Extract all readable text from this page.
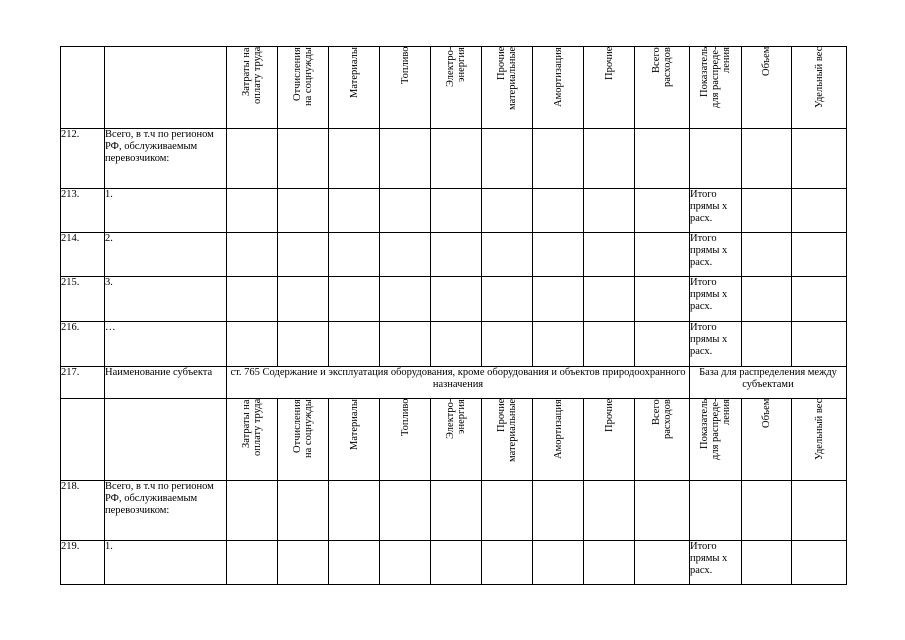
		Затраты на
оплату труда	Отчисления
на соцнужды	Материалы	Топливо	Электро-
энергия	Прочие
материальные	Амортизация	Прочие	Всего
расходов	Показатель
для распреде-
ления	Объем	Удельный вес

212.	Всего, в т.ч по регионом РФ, обслуживаемым перевозчиком:												
213.	1.										Итого прямы х расх.		
214.	2.										Итого прямы х расх.		
215.	3.										Итого прямы х расх.		
216.	…										Итого прямы х расх.		
217.	Наименование субъекта	ст. 765 Содержание и эксплуатация оборудования, кроме оборудования и объектов природоохранного назначения									База для распределения между субъектами		

		Затраты на
оплату труда	Отчисления
на соцнужды	Материалы	Топливо	Электро-
энергия	Прочие
материальные	Амортизация	Прочие	Всего
расходов	Показатель
для распреде-
ления	Объем	Удельный вес

218.	Всего, в т.ч по регионом РФ, обслуживаемым перевозчиком:												
219.	1.										Итого прямы х расх.		
